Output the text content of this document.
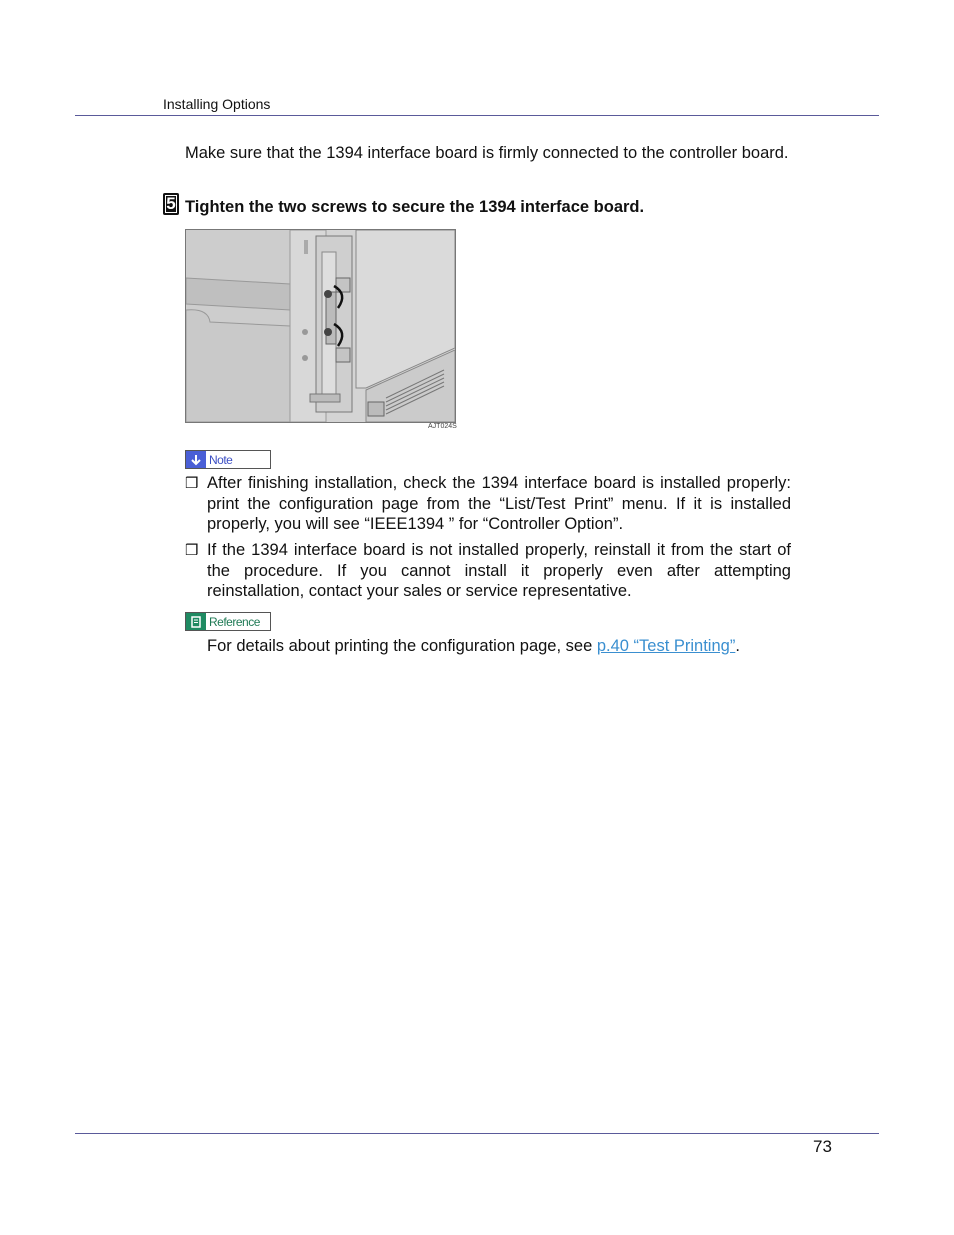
Installing Options
Make sure that the 1394 interface board is firmly connected to the controller board.
5 Tighten the two screws to secure the 1394 interface board.
AJT024S
Note
❒ After finishing installation, check the 1394 interface board is installed properly: print the configuration page from the “List/Test Print” menu. If it is installed properly, you will see “IEEE1394 ” for “Controller Option”.
❒ If the 1394 interface board is not installed properly, reinstall it from the start of the procedure. If you cannot install it properly even after attempting reinstallation, contact your sales or service representative.
Reference
For details about printing the configuration page, see p.40 “Test Printing”.
73
